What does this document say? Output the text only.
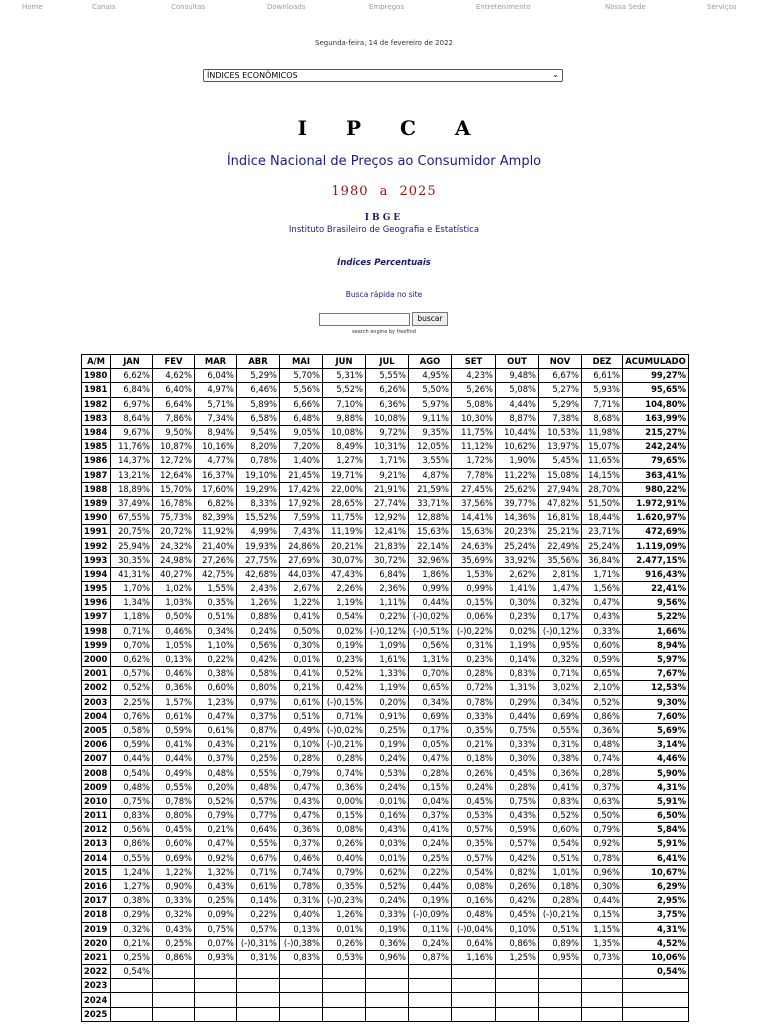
Home	Canais	Consultas	Downloads	Empregos	Entretenimento	Nossa Sede	Serviços
Segunda-feira, 14 de fevereiro de 2022
ÍNDICES ECONÔMICOS	⌄
I P C A
Índice Nacional de Preços ao Consumidor Amplo
1980 a 2025
IBGE
Instituto Brasileiro de Geografia e Estatística
Índices Percentuais
Busca rápida no site
buscar
search engine by freefind
A/M	JAN	FEV	MAR	ABR	MAI	JUN	JUL	AGO	SET	OUT	NOV	DEZ	ACUMULADO
1980	6,62%	4,62%	6,04%	5,29%	5,70%	5,31%	5,55%	4,95%	4,23%	9,48%	6,67%	6,61%	99,27%
1981	6,84%	6,40%	4,97%	6,46%	5,56%	5,52%	6,26%	5,50%	5,26%	5,08%	5,27%	5,93%	95,65%
1982	6,97%	6,64%	5,71%	5,89%	6,66%	7,10%	6,36%	5,97%	5,08%	4,44%	5,29%	7,71%	104,80%
1983	8,64%	7,86%	7,34%	6,58%	6,48%	9,88%	10,08%	9,11%	10,30%	8,87%	7,38%	8,68%	163,99%
1984	9,67%	9,50%	8,94%	9,54%	9,05%	10,08%	9,72%	9,35%	11,75%	10,44%	10,53%	11,98%	215,27%
1985	11,76%	10,87%	10,16%	8,20%	7,20%	8,49%	10,31%	12,05%	11,12%	10,62%	13,97%	15,07%	242,24%
1986	14,37%	12,72%	4,77%	0,78%	1,40%	1,27%	1,71%	3,55%	1,72%	1,90%	5,45%	11,65%	79,65%
1987	13,21%	12,64%	16,37%	19,10%	21,45%	19,71%	9,21%	4,87%	7,78%	11,22%	15,08%	14,15%	363,41%
1988	18,89%	15,70%	17,60%	19,29%	17,42%	22,00%	21,91%	21,59%	27,45%	25,62%	27,94%	28,70%	980,22%
1989	37,49%	16,78%	6,82%	8,33%	17,92%	28,65%	27,74%	33,71%	37,56%	39,77%	47,82%	51,50%	1.972,91%
1990	67,55%	75,73%	82,39%	15,52%	7,59%	11,75%	12,92%	12,88%	14,41%	14,36%	16,81%	18,44%	1.620,97%
1991	20,75%	20,72%	11,92%	4,99%	7,43%	11,19%	12,41%	15,63%	15,63%	20,23%	25,21%	23,71%	472,69%
1992	25,94%	24,32%	21,40%	19,93%	24,86%	20,21%	21,83%	22,14%	24,63%	25,24%	22,49%	25,24%	1.119,09%
1993	30,35%	24,98%	27,26%	27,75%	27,69%	30,07%	30,72%	32,96%	35,69%	33,92%	35,56%	36,84%	2.477,15%
1994	41,31%	40,27%	42,75%	42,68%	44,03%	47,43%	6,84%	1,86%	1,53%	2,62%	2,81%	1,71%	916,43%
1995	1,70%	1,02%	1,55%	2,43%	2,67%	2,26%	2,36%	0,99%	0,99%	1,41%	1,47%	1,56%	22,41%
1996	1,34%	1,03%	0,35%	1,26%	1,22%	1,19%	1,11%	0,44%	0,15%	0,30%	0,32%	0,47%	9,56%
1997	1,18%	0,50%	0,51%	0,88%	0,41%	0,54%	0,22%	(-)0,02%	0,06%	0,23%	0,17%	0,43%	5,22%
1998	0,71%	0,46%	0,34%	0,24%	0,50%	0,02%	(-)0,12%	(-)0,51%	(-)0,22%	0,02%	(-)0,12%	0,33%	1,66%
1999	0,70%	1,05%	1,10%	0,56%	0,30%	0,19%	1,09%	0,56%	0,31%	1,19%	0,95%	0,60%	8,94%
2000	0,62%	0,13%	0,22%	0,42%	0,01%	0,23%	1,61%	1,31%	0,23%	0,14%	0,32%	0,59%	5,97%
2001	0,57%	0,46%	0,38%	0,58%	0,41%	0,52%	1,33%	0,70%	0,28%	0,83%	0,71%	0,65%	7,67%
2002	0,52%	0,36%	0,60%	0,80%	0,21%	0,42%	1,19%	0,65%	0,72%	1,31%	3,02%	2,10%	12,53%
2003	2,25%	1,57%	1,23%	0,97%	0,61%	(-)0,15%	0,20%	0,34%	0,78%	0,29%	0,34%	0,52%	9,30%
2004	0,76%	0,61%	0,47%	0,37%	0,51%	0,71%	0,91%	0,69%	0,33%	0,44%	0,69%	0,86%	7,60%
2005	0,58%	0,59%	0,61%	0,87%	0,49%	(-)0,02%	0,25%	0,17%	0,35%	0,75%	0,55%	0,36%	5,69%
2006	0,59%	0,41%	0,43%	0,21%	0,10%	(-)0,21%	0,19%	0,05%	0,21%	0,33%	0,31%	0,48%	3,14%
2007	0,44%	0,44%	0,37%	0,25%	0,28%	0,28%	0,24%	0,47%	0,18%	0,30%	0,38%	0,74%	4,46%
2008	0,54%	0,49%	0,48%	0,55%	0,79%	0,74%	0,53%	0,28%	0,26%	0,45%	0,36%	0,28%	5,90%
2009	0,48%	0,55%	0,20%	0,48%	0,47%	0,36%	0,24%	0,15%	0,24%	0,28%	0,41%	0,37%	4,31%
2010	0,75%	0,78%	0,52%	0,57%	0,43%	0,00%	0,01%	0,04%	0,45%	0,75%	0,83%	0,63%	5,91%
2011	0,83%	0,80%	0,79%	0,77%	0,47%	0,15%	0,16%	0,37%	0,53%	0,43%	0,52%	0,50%	6,50%
2012	0,56%	0,45%	0,21%	0,64%	0,36%	0,08%	0,43%	0,41%	0,57%	0,59%	0,60%	0,79%	5,84%
2013	0,86%	0,60%	0,47%	0,55%	0,37%	0,26%	0,03%	0,24%	0,35%	0,57%	0,54%	0,92%	5,91%
2014	0,55%	0,69%	0,92%	0,67%	0,46%	0,40%	0,01%	0,25%	0,57%	0,42%	0,51%	0,78%	6,41%
2015	1,24%	1,22%	1,32%	0,71%	0,74%	0,79%	0,62%	0,22%	0,54%	0,82%	1,01%	0,96%	10,67%
2016	1,27%	0,90%	0,43%	0,61%	0,78%	0,35%	0,52%	0,44%	0,08%	0,26%	0,18%	0,30%	6,29%
2017	0,38%	0,33%	0,25%	0,14%	0,31%	(-)0,23%	0,24%	0,19%	0,16%	0,42%	0,28%	0,44%	2,95%
2018	0,29%	0,32%	0,09%	0,22%	0,40%	1,26%	0,33%	(-)0,09%	0,48%	0,45%	(-)0,21%	0,15%	3,75%
2019	0,32%	0,43%	0,75%	0,57%	0,13%	0,01%	0,19%	0,11%	(-)0,04%	0,10%	0,51%	1,15%	4,31%
2020	0,21%	0,25%	0,07%	(-)0,31%	(-)0,38%	0,26%	0,36%	0,24%	0,64%	0,86%	0,89%	1,35%	4,52%
2021	0,25%	0,86%	0,93%	0,31%	0,83%	0,53%	0,96%	0,87%	1,16%	1,25%	0,95%	0,73%	10,06%
2022	0,54%												0,54%
2023													
2024													
2025													
